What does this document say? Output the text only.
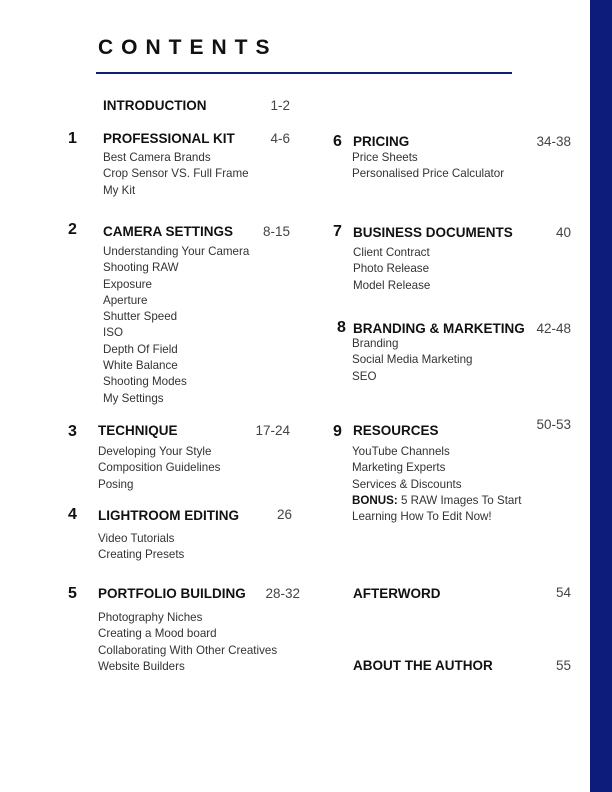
CONTENTS
INTRODUCTION	1-2
1 PROFESSIONAL KIT	4-6
Best Camera Brands
Crop Sensor VS. Full Frame
My Kit
2 CAMERA SETTINGS	8-15
Understanding Your Camera
Shooting RAW
Exposure
Aperture
Shutter Speed
ISO
Depth Of Field
White Balance
Shooting Modes
My Settings
3 TECHNIQUE	17-24
Developing Your Style
Composition Guidelines
Posing
4 LIGHTROOM EDITING	26
Video Tutorials
Creating Presets
5 PORTFOLIO BUILDING	28-32
Photography Niches
Creating a Mood board
Collaborating With Other Creatives
Website Builders
6 PRICING	34-38
Price Sheets
Personalised Price Calculator
7 BUSINESS DOCUMENTS	40
Client Contract
Photo Release
Model Release
8 BRANDING & MARKETING 42-48
Branding
Social Media Marketing
SEO
9 RESOURCES	50-53
YouTube Channels
Marketing Experts
Services & Discounts
BONUS: 5 RAW Images To Start
Learning How To Edit Now!
AFTERWORD	54
ABOUT THE AUTHOR	55
